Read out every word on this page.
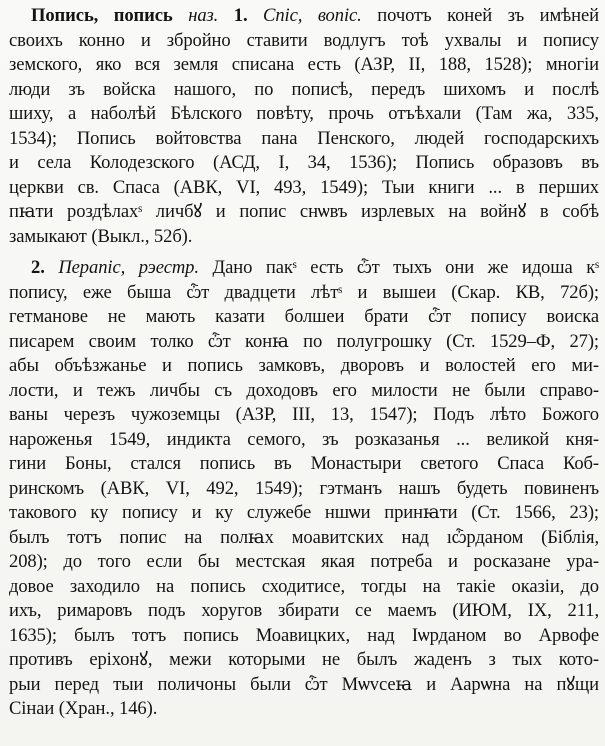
Попись, попись наз. 1. Спіс, вопіс. почотъ коней зъ имѣней
своихъ конно и збройно ставити водлугъ тоѣ ухвалы и попису
земского, яко вся земля списана есть (АЗР, II, 188, 1528); многіи
люди зъ войска нашого, по пописѣ, передъ шихомъ и послѣ
шиху, а наболѣй Бѣлского повѣту, прочь отъѣхали (Там жа, 335,
1534); Попись войтовства пана Пенского, людей господарскихъ
и села Колодезского (АСД, I, 34, 1536); Попись образовъ въ
церкви св. Спаса (АВК, VI, 493, 1549); Тыи книги ... в перших
пꙗти роздѣлахˢ личбꙋ и попис снѡвъ изрлевых на войнꙋ в собѣ
замыкают (Выкл., 52б).
2. Перапіс, рэестр. Дано пакˢ есть ѽт тыхъ они же идоша кˢ
попису, еже быша ѽт двадцети лѣтˢ и вышеи (Скар. КВ, 72б);
гетманове не мають казати болшеи брати ѽт попису воиска
писарем своим толко ѽт конꙗ по полугрошку (Ст. 1529–Ф, 27);
абы объѣзжанье и попись замковъ, дворовъ и волостей его ми-
лости, и тежъ личбы съ доходовъ его милости не были справо-
ваны черезъ чужоземцы (АЗР, III, 13, 1547); Подъ лѣто Божого
нароженья 1549, индикта семого, зъ розказанья ... великой кня-
гини Боны, сталcя попись въ Монастыри светого Спаса Коб-
ринскомъ (АВК, VI, 492, 1549); гэтманъ нашъ будеть повиненъ
такового ку попису и ку служебе ншѡи принꙗти (Ст. 1566, 23);
былъ тотъ попис на полꙗх моавитских над ıѽрданом (Біблія,
208); до того если бы местская якая потреба и росказане ура-
довое заходило на попись сходитисе, тогды на такіе оказіи, до
ихъ, римаровъ подъ хоругов збирати се маемъ (ИЮМ, IX, 211,
1635); былъ тотъ попись Моавицких, над Іѡрданом во Арвофе
противъ ерiхонꙋ, межи которыми не былъ жаденъ з тых котo-
рыи перед тыи поличоны были ѽт Мѡvсеꙗ и Аарѡна на пꙋщи
Сінаи (Хран., 146).
